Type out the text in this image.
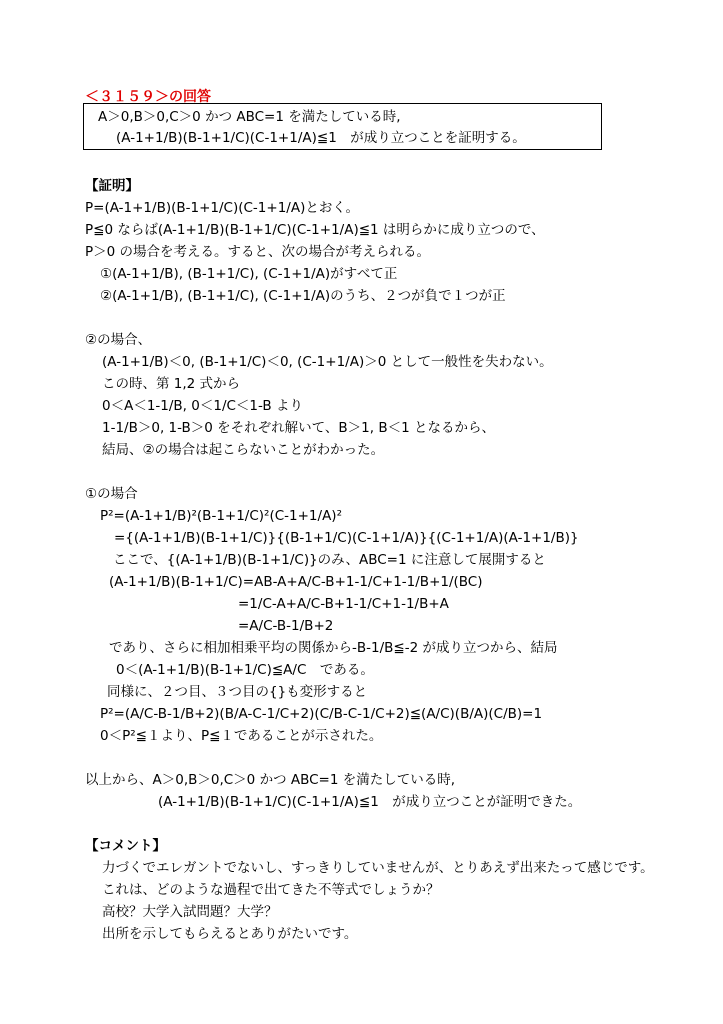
＜３１５９＞の回答
A＞0,B＞0,C＞0 かつ ABC=1 を満たしている時,
(A-1+1/B)(B-1+1/C)(C-1+1/A)≦1　が成り立つことを証明する。
【証明】
P=(A-1+1/B)(B-1+1/C)(C-1+1/A)とおく。
P≦0 ならば(A-1+1/B)(B-1+1/C)(C-1+1/A)≦1 は明らかに成り立つので、
P＞0 の場合を考える。すると、次の場合が考えられる。
①(A-1+1/B), (B-1+1/C), (C-1+1/A)がすべて正
②(A-1+1/B), (B-1+1/C), (C-1+1/A)のうち、２つが負で１つが正
②の場合、
(A-1+1/B)＜0, (B-1+1/C)＜0, (C-1+1/A)＞0 として一般性を失わない。
この時、第 1,2 式から
0＜A＜1-1/B, 0＜1/C＜1-B より
1-1/B＞0, 1-B＞0 をそれぞれ解いて、B＞1, B＜1 となるから、
結局、②の場合は起こらないことがわかった。
①の場合
P²=(A-1+1/B)²(B-1+1/C)²(C-1+1/A)²
={(A-1+1/B)(B-1+1/C)}{(B-1+1/C)(C-1+1/A)}{(C-1+1/A)(A-1+1/B)}
ここで、{(A-1+1/B)(B-1+1/C)}のみ、ABC=1 に注意して展開すると
(A-1+1/B)(B-1+1/C)=AB-A+A/C-B+1-1/C+1-1/B+1/(BC)
=1/C-A+A/C-B+1-1/C+1-1/B+A
=A/C-B-1/B+2
であり、さらに相加相乗平均の関係から-B-1/B≦-2 が成り立つから、結局
0＜(A-1+1/B)(B-1+1/C)≦A/C　である。
同様に、２つ目、３つ目の{}も変形すると
P²=(A/C-B-1/B+2)(B/A-C-1/C+2)(C/B-C-1/C+2)≦(A/C)(B/A)(C/B)=1
0＜P²≦１より、P≦１であることが示された。
以上から、A＞0,B＞0,C＞0 かつ ABC=1 を満たしている時,
(A-1+1/B)(B-1+1/C)(C-1+1/A)≦1　が成り立つことが証明できた。
【コメント】
力づくでエレガントでないし、すっきりしていませんが、とりあえず出来たって感じです。
これは、どのような過程で出てきた不等式でしょうか？
高校？大学入試問題？大学？
出所を示してもらえるとありがたいです。
